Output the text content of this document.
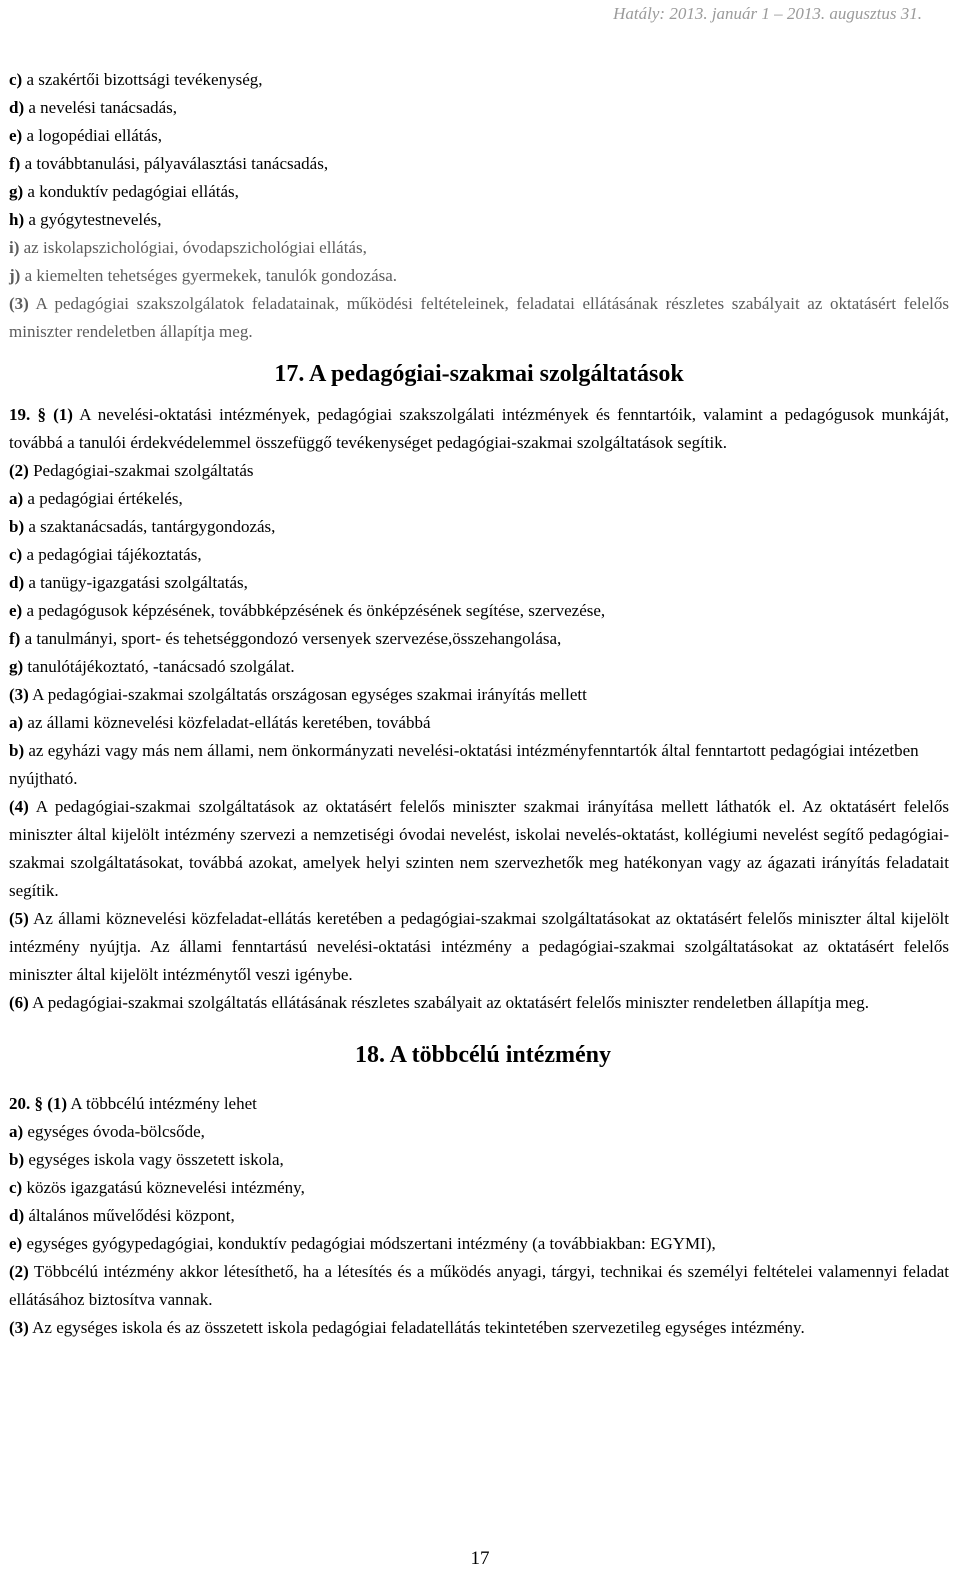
Hatály: 2013. január 1 – 2013. augusztus 31.

c) a szakértői bizottsági tevékenység,

d) a nevelési tanácsadás,

e) a logopédiai ellátás,

f) a továbbtanulási, pályaválasztási tanácsadás,

g) a konduktív pedagógiai ellátás,

h) a gyógytestnevelés,

i) az iskolapszichológiai, óvodapszichológiai ellátás,

j) a kiemelten tehetséges gyermekek, tanulók gondozása.

(3) A pedagógiai szakszolgálatok feladatainak, működési feltételeinek, feladatai ellátásának részletes szabályait az oktatásért felelős miniszter rendeletben állapítja meg.

17. A pedagógiai-szakmai szolgáltatások

19. § (1) A nevelési-oktatási intézmények, pedagógiai szakszolgálati intézmények és fenntartóik, valamint a pedagógusok munkáját, továbbá a tanulói érdekvédelemmel összefüggő tevékenységet pedagógiai-szakmai szolgáltatások segítik.

(2) Pedagógiai-szakmai szolgáltatás

a) a pedagógiai értékelés,

b) a szaktanácsadás, tantárgygondozás,

c) a pedagógiai tájékoztatás,

d) a tanügy-igazgatási szolgáltatás,

e) a pedagógusok képzésének, továbbképzésének és önképzésének segítése, szervezése,

f) a tanulmányi, sport- és tehetséggondozó versenyek szervezése,összehangolása,

g) tanulótájékoztató, -tanácsadó szolgálat.

(3) A pedagógiai-szakmai szolgáltatás országosan egységes szakmai irányítás mellett

a) az állami köznevelési közfeladat-ellátás keretében, továbbá

b) az egyházi vagy más nem állami, nem önkormányzati nevelési-oktatási intézményfenntartók által fenntartott pedagógiai intézetben

nyújtható.

(4) A pedagógiai-szakmai szolgáltatások az oktatásért felelős miniszter szakmai irányítása mellett láthatók el. Az oktatásért felelős miniszter által kijelölt intézmény szervezi a nemzetiségi óvodai nevelést, iskolai nevelés-oktatást, kollégiumi nevelést segítő pedagógiai-szakmai szolgáltatásokat, továbbá azokat, amelyek helyi szinten nem szervezhetők meg hatékonyan vagy az ágazati irányítás feladatait segítik.

(5) Az állami köznevelési közfeladat-ellátás keretében a pedagógiai-szakmai szolgáltatásokat az oktatásért felelős miniszter által kijelölt intézmény nyújtja. Az állami fenntartású nevelési-oktatási intézmény a pedagógiai-szakmai szolgáltatásokat az oktatásért felelős miniszter által kijelölt intézménytől veszi igénybe.

(6) A pedagógiai-szakmai szolgáltatás ellátásának részletes szabályait az oktatásért felelős miniszter rendeletben állapítja meg.

18. A többcélú intézmény

20. § (1) A többcélú intézmény lehet

a) egységes óvoda-bölcsőde,

b) egységes iskola vagy összetett iskola,

c) közös igazgatású köznevelési intézmény,

d) általános művelődési központ,

e) egységes gyógypedagógiai, konduktív pedagógiai módszertani intézmény (a továbbiakban: EGYMI),

(2) Többcélú intézmény akkor létesíthető, ha a létesítés és a működés anyagi, tárgyi, technikai és személyi feltételei valamennyi feladat ellátásához biztosítva vannak.

(3) Az egységes iskola és az összetett iskola pedagógiai feladatellátás tekintetében szervezetileg egységes intézmény.

17
